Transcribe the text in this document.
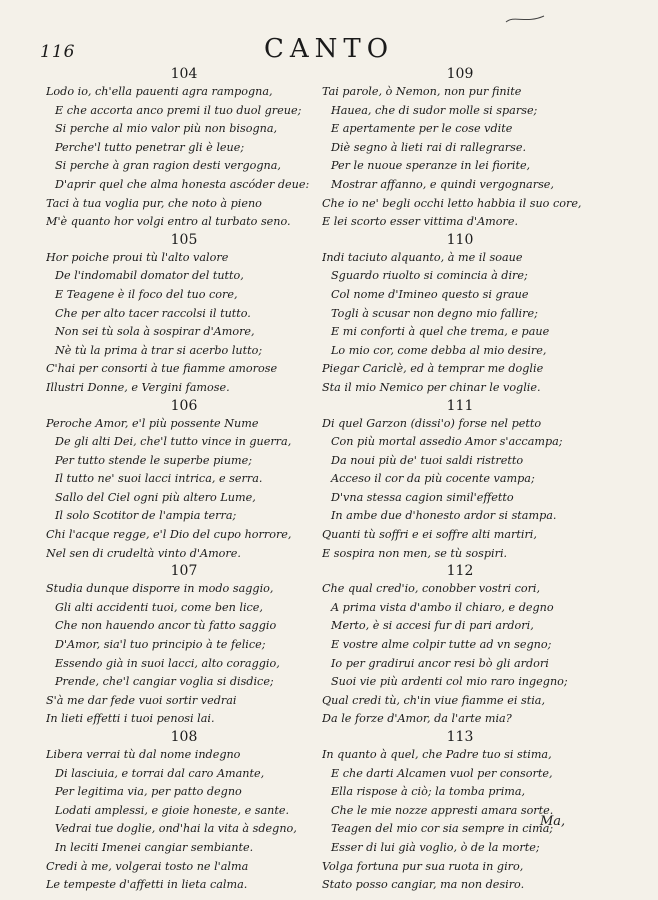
116	CANTO
104
Lodo io, ch'ella pauenti agra rampogna,
E che accorta anco premi il tuo duol greue;
Si perche al mio valor più non bisogna,
Perche'l tutto penetrar gli è leue;
Si perche à gran ragion desti vergogna,
D'aprir quel che alma honesta ascóder deue:
Taci à tua voglia pur, che noto à pieno
M'è quanto hor volgi entro al turbato seno.
105
Hor poiche proui tù l'alto valore
De l'indomabil domator del tutto,
E Teagene è il foco del tuo core,
Che per alto tacer raccolsi il tutto.
Non sei tù sola à sospirar d'Amore,
Nè tù la prima à trar si acerbo lutto;
C'hai per consorti à tue fiamme amorose
Illustri Donne, e Vergini famose.
106
Peroche Amor, e'l più possente Nume
De gli alti Dei, che'l tutto vince in guerra,
Per tutto stende le superbe piume;
Il tutto ne' suoi lacci intrica, e serra.
Sallo del Ciel ogni più altero Lume,
Il solo Scotitor de l'ampia terra;
Chi l'acque regge, e'l Dio del cupo horrore,
Nel sen di crudeltà vinto d'Amore.
107
Studia dunque disporre in modo saggio,
Gli alti accidenti tuoi, come ben lice,
Che non hauendo ancor tù fatto saggio
D'Amor, sia'l tuo principio à te felice;
Essendo già in suoi lacci, alto coraggio,
Prende, che'l cangiar voglia si disdice;
S'à me dar fede vuoi sortir vedrai
In lieti effetti i tuoi penosi lai.
108
Libera verrai tù dal nome indegno
Di lasciuia, e torrai dal caro Amante,
Per legitima via, per patto degno
Lodati amplessi, e gioie honeste, e sante.
Vedrai tue doglie, ond'hai la vita à sdegno,
In leciti Imenei cangiar sembiante.
Credi à me, volgerai tosto ne l'alma
Le tempeste d'affetti in lieta calma.
109
Tai parole, ò Nemon, non pur finite
Haueа, che di sudor molle si sparse;
E apertamente per le cose vdite
Diè segno à lieti rai di rallegrarse.
Per le nuoue speranze in lei fiorite,
Mostrar affanno, e quindi vergognarse,
Che io ne' begli occhi letto habbia il suo core,
E lei scorto esser vittima d'Amore.
110
Indi taciuto alquanto, à me il soaue
Sguardo riuolto si comincia à dire;
Col nome d'Imineo questo si graue
Togli à scusar non degno mio fallire;
E mi conforti à quel che trema, e paue
Lo mio cor, come debba al mio desire,
Piegar Cariclè, ed à temprar me doglie
Sta il mio Nemico per chinar le voglie.
111
Di quel Garzon (dissi'o) forse nel petto
Con più mortal assedio Amor s'accampa;
Da noui più de' tuoi saldi ristretto
Acceso il cor da più cocente vampa;
D'vna stessa cagion simil'effetto
In ambe due d'honesto ardor si stampa.
Quanti tù soffri e ei soffre alti martiri,
E sospira non men, se tù sospiri.
112
Che qual cred'io, conobber vostri cori,
A prima vista d'ambo il chiaro, e degno
Merto, è si accesi fur di pari ardori,
E vostre alme colpir tutte ad vn segno;
Io per gradirui ancor resi bò gli ardori
Suoi vie più ardenti col mio raro ingegno;
Qual credi tù, ch'in viue fiamme ei stia,
Da le forze d'Amor, da l'arte mia?
113
In quanto à quel, che Padre tuo si stima,
E che darti Alcamen vuol per consorte,
Ella rispose à ciò; la tomba prima,
Che le mie nozze appresti amara sorte.
Teagen del mio cor sia sempre in cima;
Esser di lui già voglio, ò de la morte;
Volga fortuna pur sua ruota in giro,
Stato posso cangiar, ma non desiro.
Ma,
